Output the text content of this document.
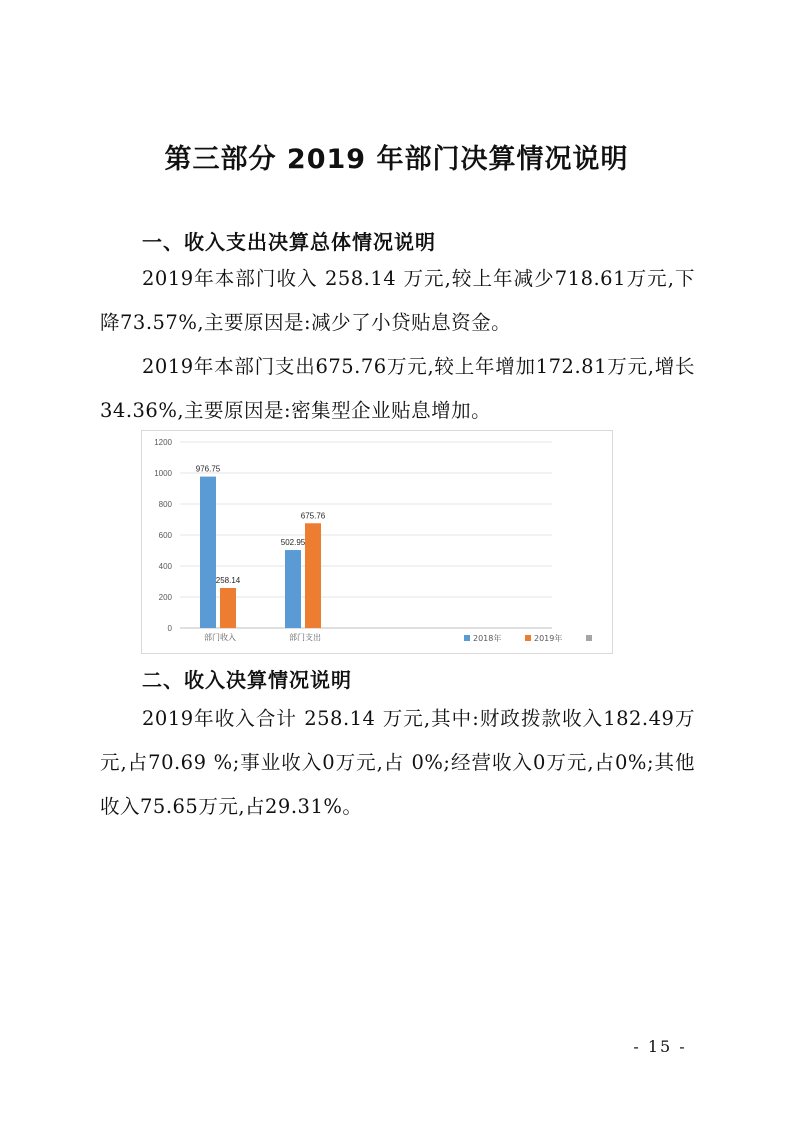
第三部分 2019 年部门决算情况说明
一、收入支出决算总体情况说明
2019年本部门收入 258.14 万元,较上年减少718.61万元,下降73.57%,主要原因是:减少了小贷贴息资金。
2019年本部门支出675.76万元,较上年增加172.81万元,增长34.36%,主要原因是:密集型企业贴息增加。
0
200
400
600
800
1000
1200
部门收入
976.75
258.14
部门支出
502.95
675.76
2018年	2019年
二、收入决算情况说明
2019年收入合计 258.14 万元,其中:财政拨款收入182.49万元,占70.69 %;事业收入0万元,占 0%;经营收入0万元,占0%;其他收入75.65万元,占29.31%。
- 15 -
